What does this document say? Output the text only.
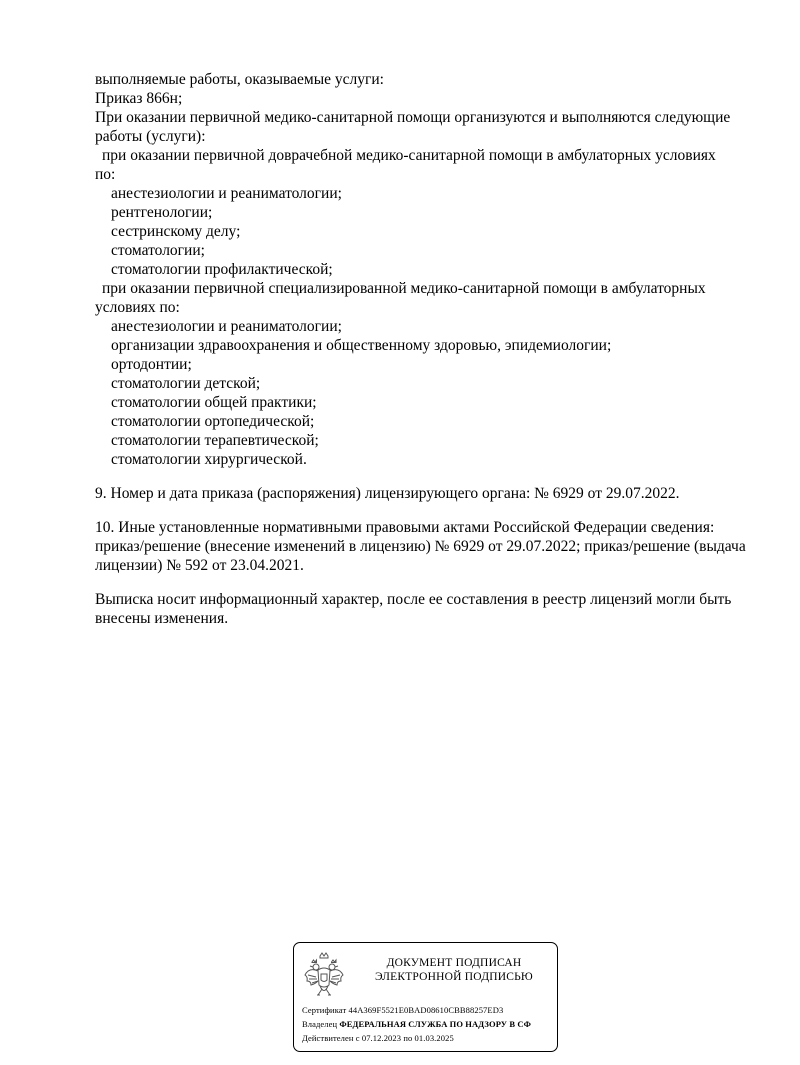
выполняемые работы, оказываемые услуги:
Приказ 866н;
При оказании первичной медико-санитарной помощи организуются и выполняются следующие
работы (услуги):
при оказании первичной доврачебной медико-санитарной помощи в амбулаторных условиях
по:
анестезиологии и реаниматологии;
рентгенологии;
сестринскому делу;
стоматологии;
стоматологии профилактической;
при оказании первичной специализированной медико-санитарной помощи в амбулаторных
условиях по:
анестезиологии и реаниматологии;
организации здравоохранения и общественному здоровью, эпидемиологии;
ортодонтии;
стоматологии детской;
стоматологии общей практики;
стоматологии ортопедической;
стоматологии терапевтической;
стоматологии хирургической.
9. Номер и дата приказа (распоряжения) лицензирующего органа: № 6929 от 29.07.2022.
10. Иные установленные нормативными правовыми актами Российской Федерации сведения:
приказ/решение (внесение изменений в лицензию) № 6929 от 29.07.2022; приказ/решение (выдача
лицензии) № 592 от 23.04.2021.
Выписка носит информационный характер, после ее составления в реестр лицензий могли быть
внесены изменения.
ДОКУМЕНТ ПОДПИСАН
ЭЛЕКТРОННОЙ ПОДПИСЬЮ
Сертификат 44A369F5521E0BAD08610CBB88257ED3
Владелец ФЕДЕРАЛЬНАЯ СЛУЖБА ПО НАДЗОРУ В СФ
Действителен с 07.12.2023 по 01.03.2025
